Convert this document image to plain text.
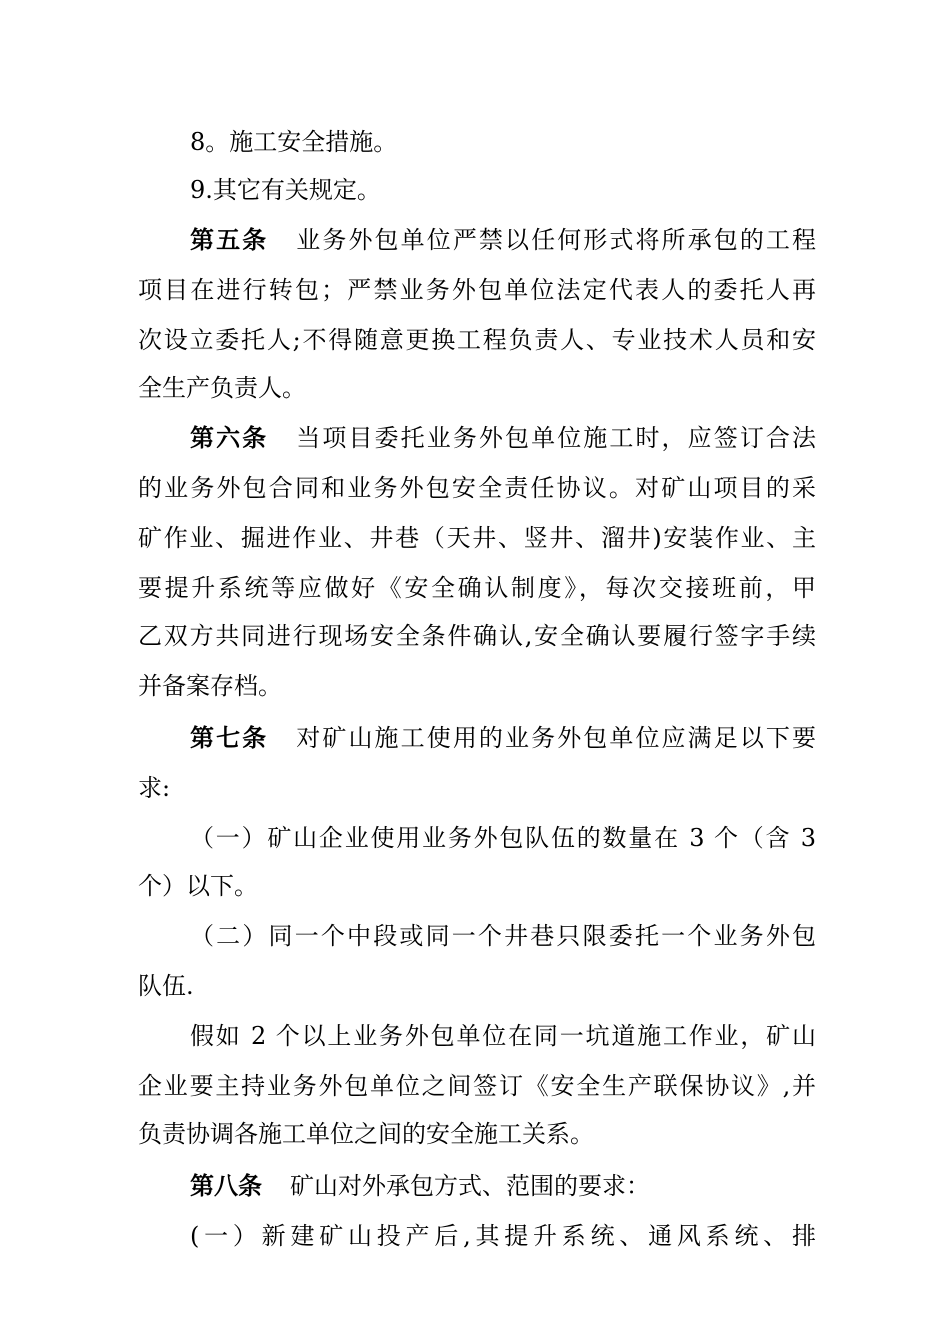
8。施工安全措施。
9.其它有关规定。
第五条 业务外包单位严禁以任何形式将所承包的工程
项目在进行转包；严禁业务外包单位法定代表人的委托人再
次设立委托人;不得随意更换工程负责人、专业技术人员和安
全生产负责人。
第六条 当项目委托业务外包单位施工时，应签订合法
的业务外包合同和业务外包安全责任协议。对矿山项目的采
矿作业、掘进作业、井巷（天井、竖井、溜井)安装作业、主
要提升系统等应做好《安全确认制度》，每次交接班前，甲
乙双方共同进行现场安全条件确认,安全确认要履行签字手续
并备案存档。
第七条 对矿山施工使用的业务外包单位应满足以下要
求:
（一）矿山企业使用业务外包队伍的数量在 3 个（含 3
个）以下。
（二）同一个中段或同一个井巷只限委托一个业务外包
队伍.
假如 2 个以上业务外包单位在同一坑道施工作业，矿山
企业要主持业务外包单位之间签订《安全生产联保协议》,并
负责协调各施工单位之间的安全施工关系。
第八条 矿山对外承包方式、范围的要求：
(一）新建矿山投产后,其提升系统、通风系统、排
